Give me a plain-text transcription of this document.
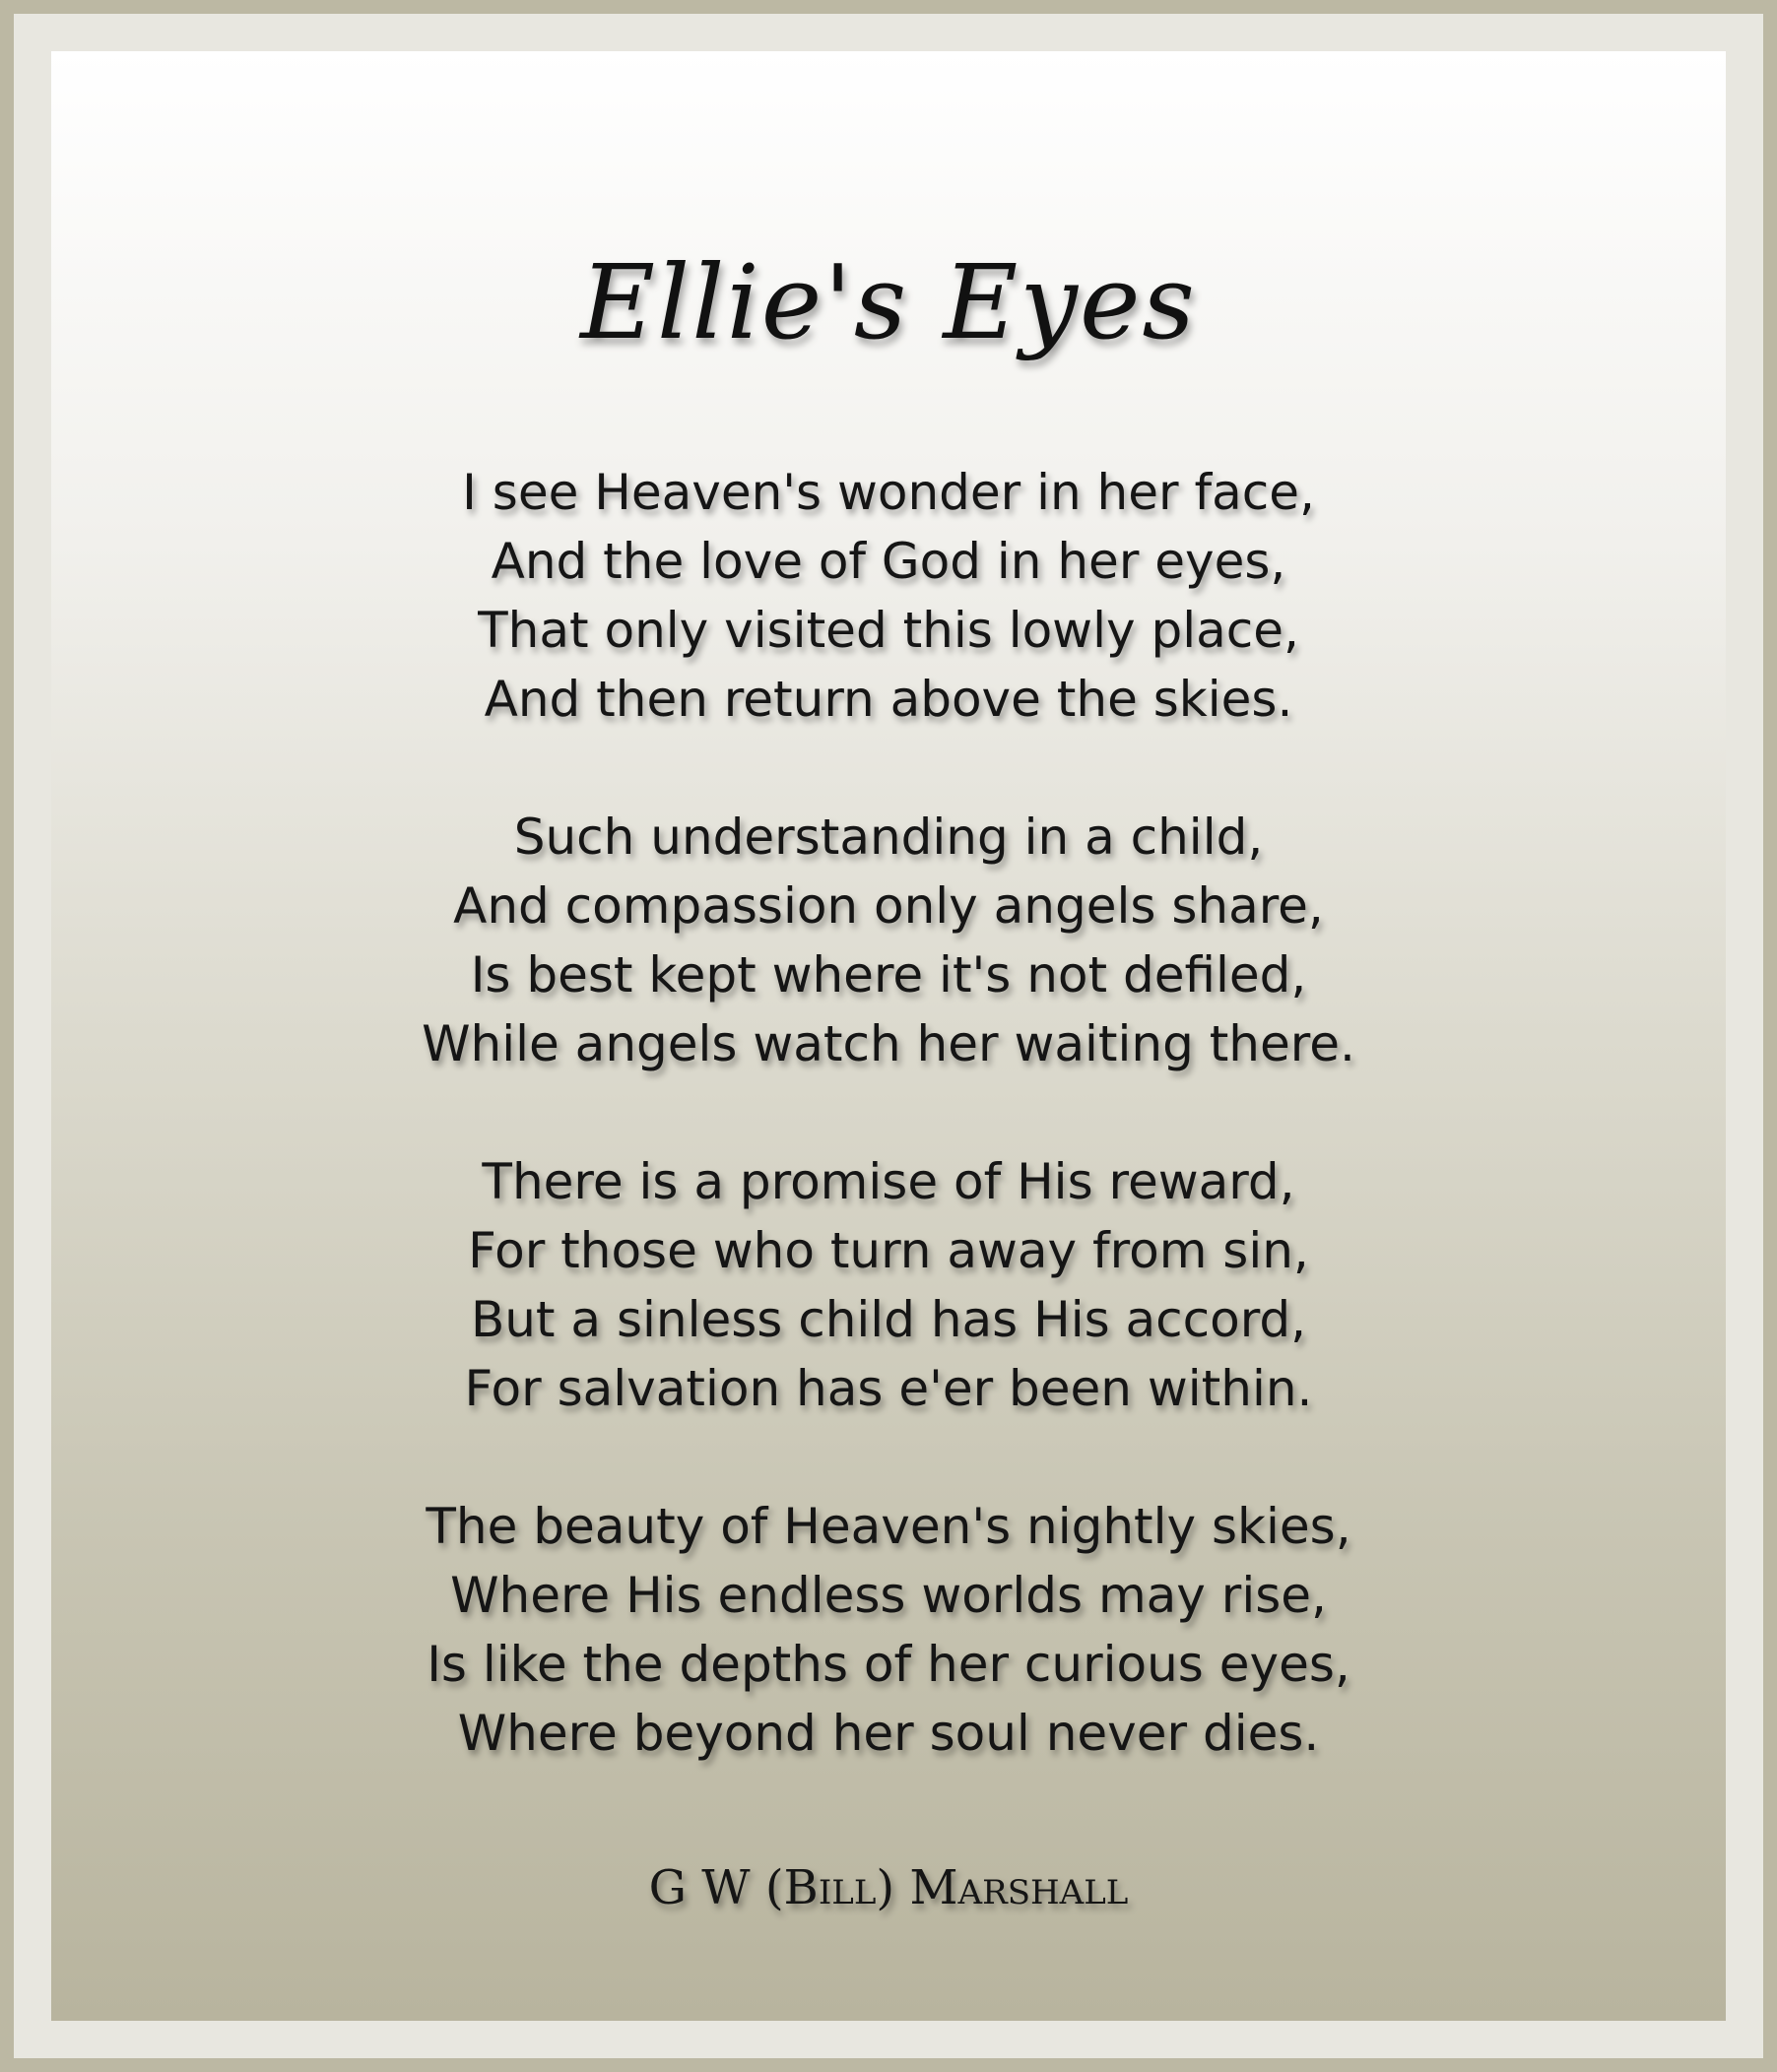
Ellie's Eyes
I see Heaven's wonder in her face,
And the love of God in her eyes,
That only visited this lowly place,
And then return above the skies.
Such understanding in a child,
And compassion only angels share,
Is best kept where it's not defiled,
While angels watch her waiting there.
There is a promise of His reward,
For those who turn away from sin,
But a sinless child has His accord,
For salvation has e'er been within.
The beauty of Heaven's nightly skies,
Where His endless worlds may rise,
Is like the depths of her curious eyes,
Where beyond her soul never dies.
G W (Bill) Marshall
